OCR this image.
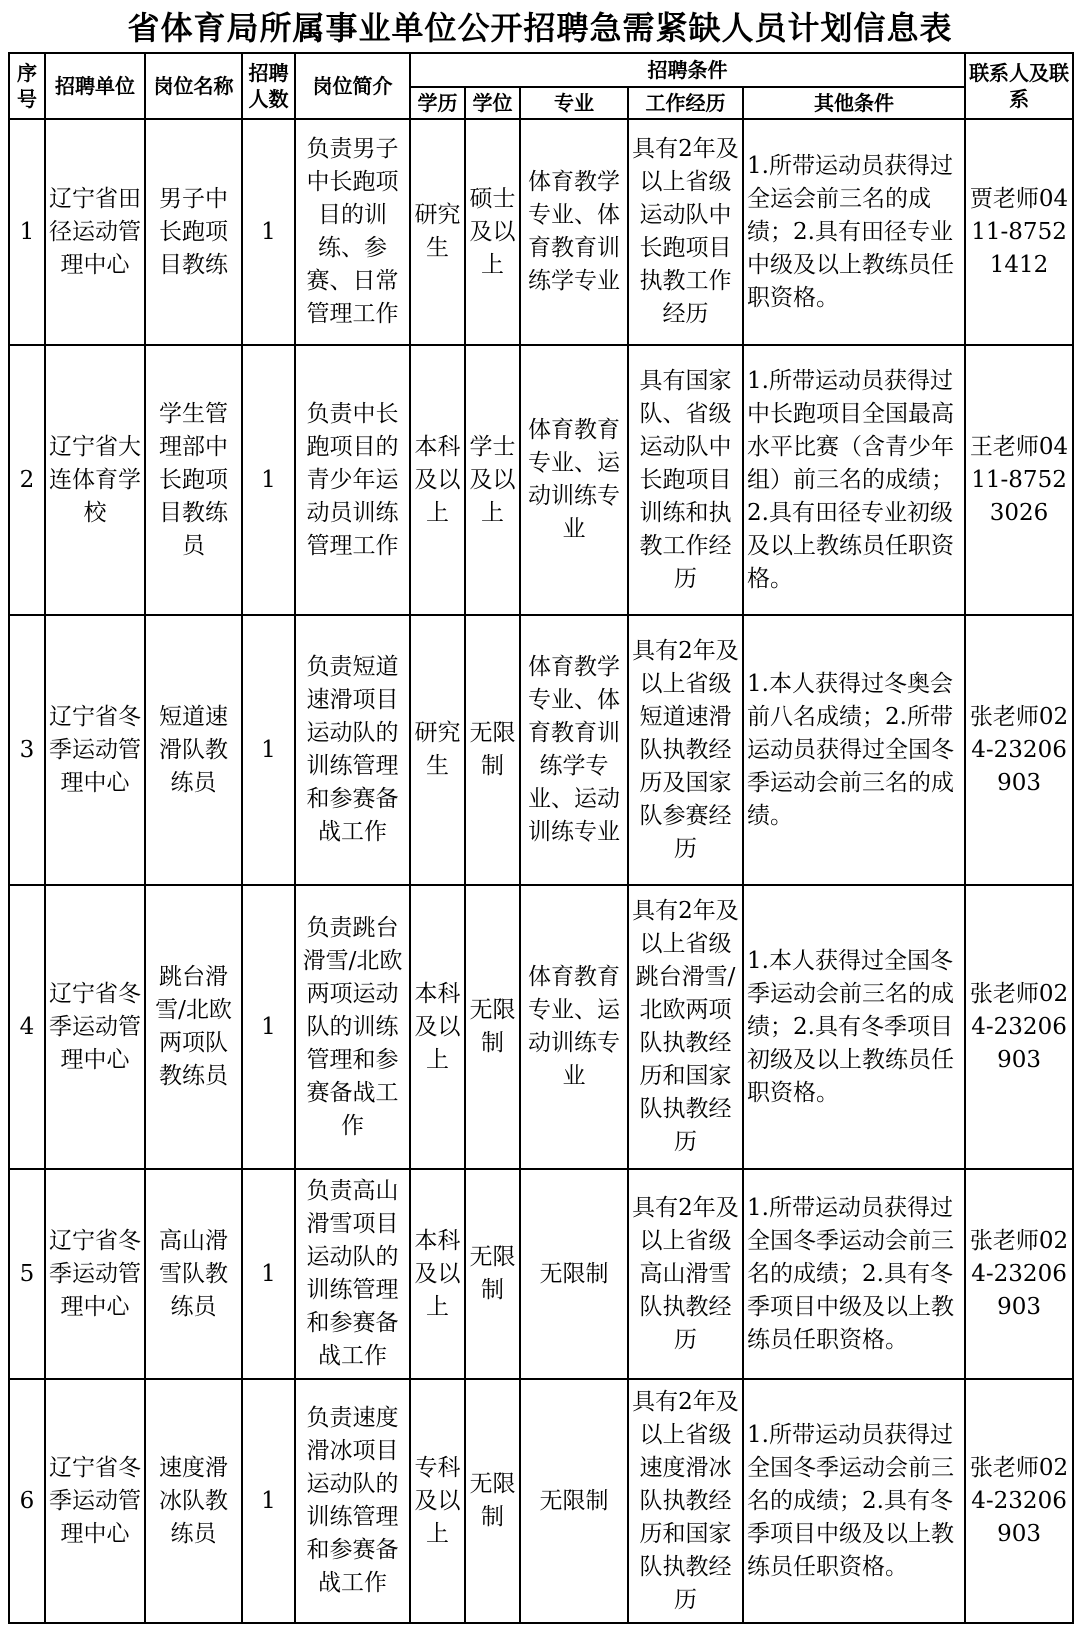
省体育局所属事业单位公开招聘急需紧缺人员计划信息表
序号	招聘单位	岗位名称	招聘人数	岗位简介	招聘条件					联系人及联系
					学历	学位	专业	工作经历	其他条件	
1	辽宁省田径运动管理中心	男子中长跑项目教练	1	负责男子中长跑项目的训练、参赛、日常管理工作	研究生	硕士及以上	体育教学专业、体育教育训练学专业	具有2年及以上省级运动队中长跑项目执教工作经历	1.所带运动员获得过全运会前三名的成绩；2.具有田径专业中级及以上教练员任职资格。	贾老师0411-87521412
2	辽宁省大连体育学校	学生管理部中长跑项目教练员	1	负责中长跑项目的青少年运动员训练管理工作	本科及以上	学士及以上	体育教育专业、运动训练专业	具有国家队、省级运动队中长跑项目训练和执教工作经历	1.所带运动员获得过中长跑项目全国最高水平比赛（含青少年组）前三名的成绩；2.具有田径专业初级及以上教练员任职资格。	王老师0411-87523026
3	辽宁省冬季运动管理中心	短道速滑队教练员	1	负责短道速滑项目运动队的训练管理和参赛备战工作	研究生	无限制	体育教学专业、体育教育训练学专业、运动训练专业	具有2年及以上省级短道速滑队执教经历及国家队参赛经历	1.本人获得过冬奥会前八名成绩；2.所带运动员获得过全国冬季运动会前三名的成绩。	张老师024-23206903
4	辽宁省冬季运动管理中心	跳台滑雪/北欧两项队教练员	1	负责跳台滑雪/北欧两项运动队的训练管理和参赛备战工作	本科及以上	无限制	体育教育专业、运动训练专业	具有2年及以上省级跳台滑雪/北欧两项队执教经历和国家队执教经历	1.本人获得过全国冬季运动会前三名的成绩；2.具有冬季项目初级及以上教练员任职资格。	张老师024-23206903
5	辽宁省冬季运动管理中心	高山滑雪队教练员	1	负责高山滑雪项目运动队的训练管理和参赛备战工作	本科及以上	无限制	无限制	具有2年及以上省级高山滑雪队执教经历	1.所带运动员获得过全国冬季运动会前三名的成绩；2.具有冬季项目中级及以上教练员任职资格。	张老师024-23206903
6	辽宁省冬季运动管理中心	速度滑冰队教练员	1	负责速度滑冰项目运动队的训练管理和参赛备战工作	专科及以上	无限制	无限制	具有2年及以上省级速度滑冰队执教经历和国家队执教经历	1.所带运动员获得过全国冬季运动会前三名的成绩；2.具有冬季项目中级及以上教练员任职资格。	张老师024-23206903
